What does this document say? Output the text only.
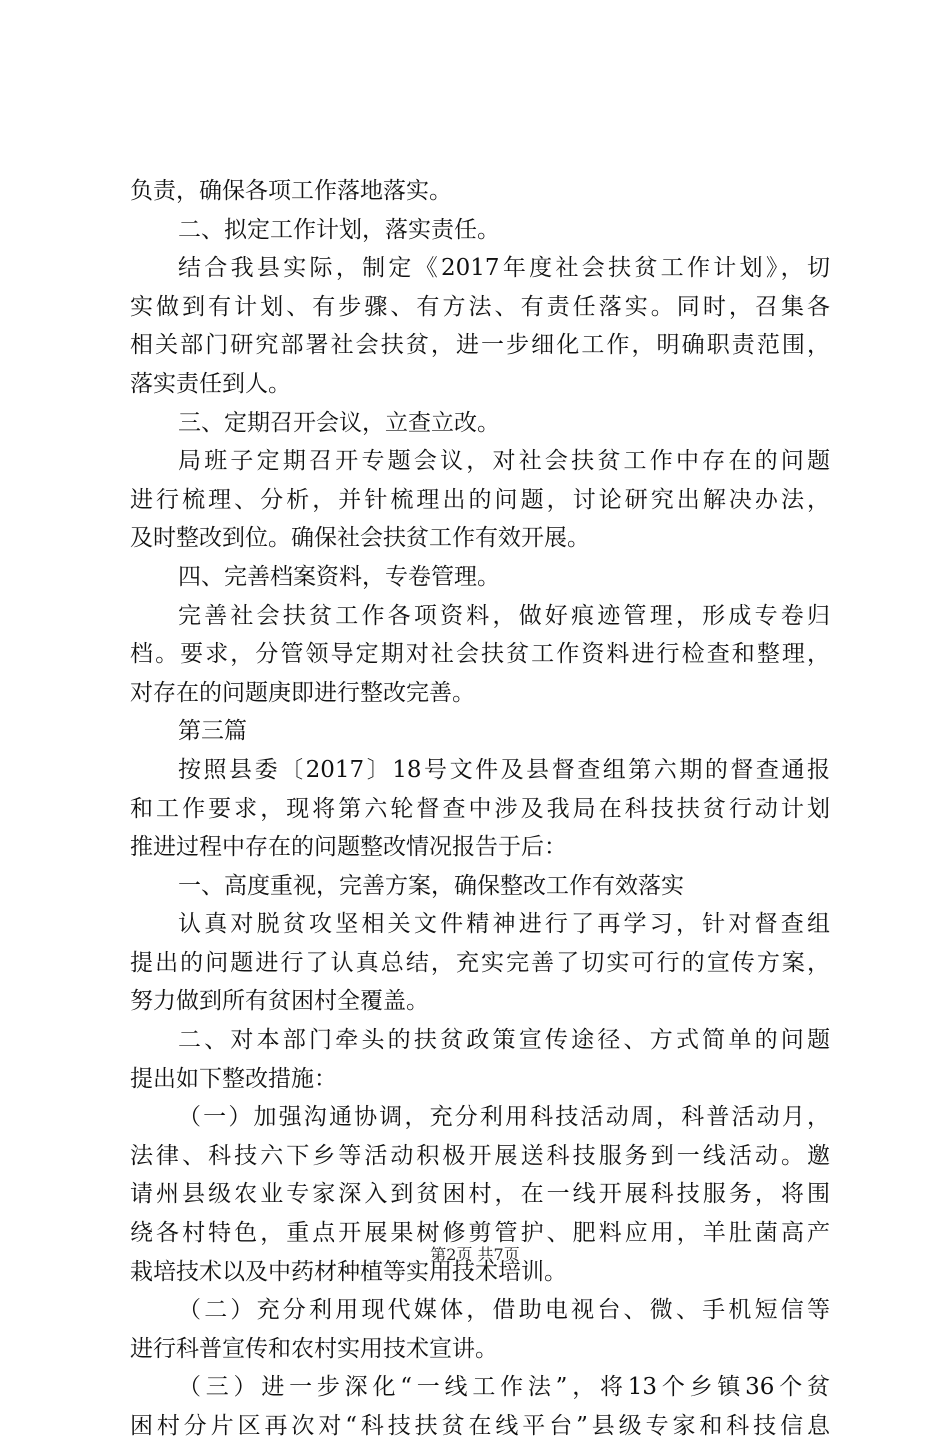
负责，确保各项工作落地落实。
二、拟定工作计划，落实责任。
结合我县实际，制定《2017年度社会扶贫工作计划》，切
实做到有计划、有步骤、有方法、有责任落实。同时，召集各
相关部门研究部署社会扶贫，进一步细化工作，明确职责范围，
落实责任到人。
三、定期召开会议，立查立改。
局班子定期召开专题会议，对社会扶贫工作中存在的问题
进行梳理、分析，并针梳理出的问题，讨论研究出解决办法，
及时整改到位。确保社会扶贫工作有效开展。
四、完善档案资料，专卷管理。
完善社会扶贫工作各项资料，做好痕迹管理，形成专卷归
档。要求，分管领导定期对社会扶贫工作资料进行检查和整理，
对存在的问题庚即进行整改完善。
第三篇
按照县委〔2017〕18号文件及县督查组第六期的督查通报
和工作要求，现将第六轮督查中涉及我局在科技扶贫行动计划
推进过程中存在的问题整改情况报告于后：
一、高度重视，完善方案，确保整改工作有效落实
认真对脱贫攻坚相关文件精神进行了再学习，针对督查组
提出的问题进行了认真总结，充实完善了切实可行的宣传方案，
努力做到所有贫困村全覆盖。
二、对本部门牵头的扶贫政策宣传途径、方式简单的问题
提出如下整改措施：
（一）加强沟通协调，充分利用科技活动周，科普活动月，
法律、科技六下乡等活动积极开展送科技服务到一线活动。邀
请州县级农业专家深入到贫困村，在一线开展科技服务，将围
绕各村特色，重点开展果树修剪管护、肥料应用，羊肚菌高产
栽培技术以及中药材种植等实用技术培训。
（二）充分利用现代媒体，借助电视台、微、手机短信等
进行科普宣传和农村实用技术宣讲。
（三）进一步深化“一线工作法”，将13个乡镇36个贫
困村分片区再次对“科技扶贫在线平台”县级专家和科技信息
第2页 共7页
